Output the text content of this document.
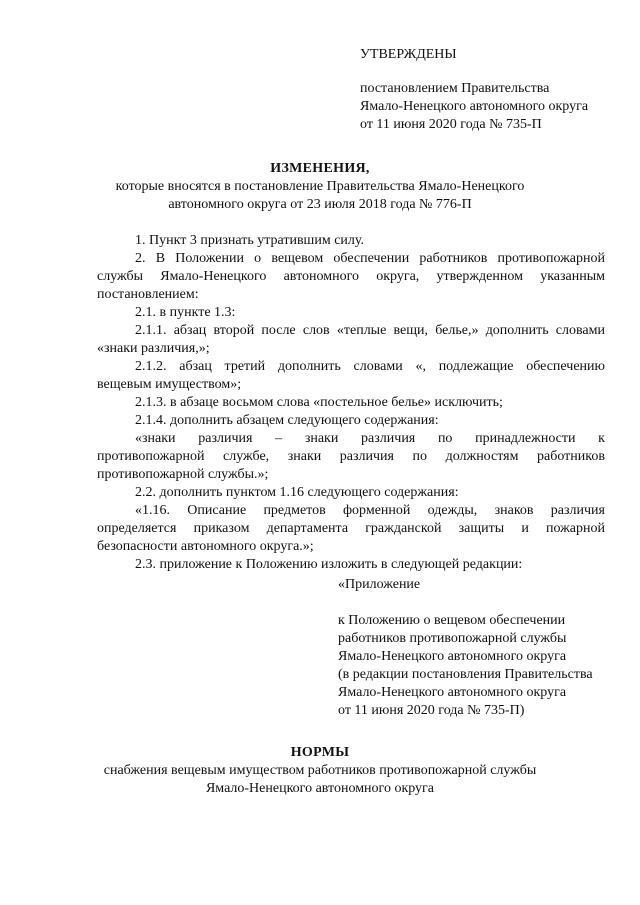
УТВЕРЖДЕНЫ
постановлением Правительства
Ямало-Ненецкого автономного округа
от 11 июня 2020 года № 735-П
ИЗМЕНЕНИЯ,
которые вносятся в постановление Правительства Ямало-Ненецкого
автономного округа от 23 июля 2018 года № 776-П
1. Пункт 3 признать утратившим силу.
2. В Положении о вещевом обеспечении работников противопожарной
службы Ямало-Ненецкого автономного округа, утвержденном указанным
постановлением:
2.1. в пункте 1.3:
2.1.1. абзац второй после слов «теплые вещи, белье,» дополнить словами
«знаки различия,»;
2.1.2. абзац третий дополнить словами «, подлежащие обеспечению
вещевым имуществом»;
2.1.3. в абзаце восьмом слова «постельное белье» исключить;
2.1.4. дополнить абзацем следующего содержания:
«знаки различия – знаки различия по принадлежности к
противопожарной службе, знаки различия по должностям работников
противопожарной службы.»;
2.2. дополнить пунктом 1.16 следующего содержания:
«1.16. Описание предметов форменной одежды, знаков различия
определяется приказом департамента гражданской защиты и пожарной
безопасности автономного округа.»;
2.3. приложение к Положению изложить в следующей редакции:
«Приложение
к Положению о вещевом обеспечении
работников противопожарной службы
Ямало-Ненецкого автономного округа
(в редакции постановления Правительства
Ямало-Ненецкого автономного округа
от 11 июня 2020 года № 735-П)
НОРМЫ
снабжения вещевым имуществом работников противопожарной службы
Ямало-Ненецкого автономного округа
